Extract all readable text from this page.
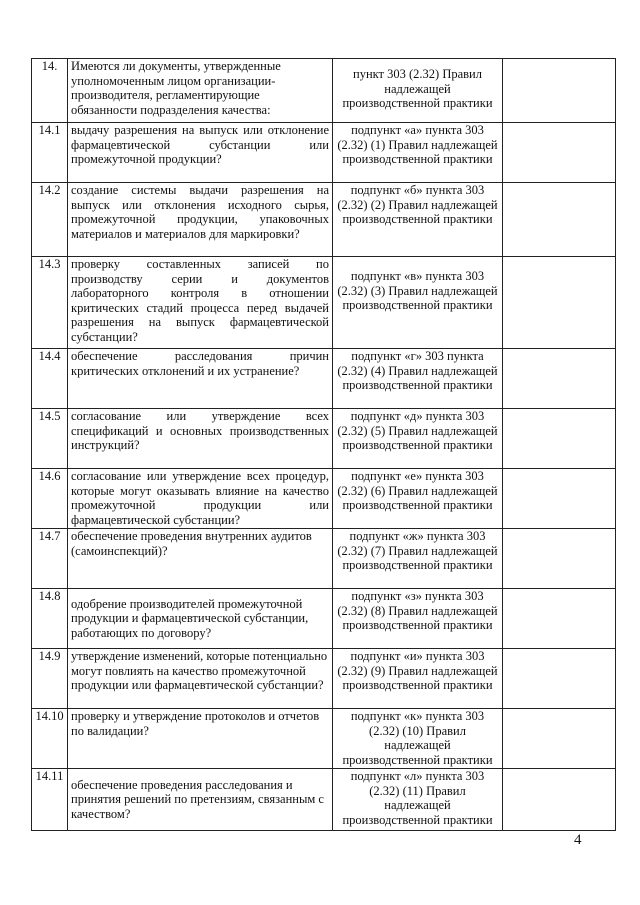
14.	Имеются ли документы, утвержденные уполномоченным лицом организации-производителя, регламентирующие обязанности подразделения качества:	пункт 303 (2.32) Правил надлежащей производственной практики	
14.1	выдачу разрешения на выпуск или отклонение фармацевтической субстанции или промежуточной продукции?	подпункт «а» пункта 303 (2.32) (1) Правил надлежащей производственной практики	
14.2	создание системы выдачи разрешения на выпуск или отклонения исходного сырья, промежуточной продукции, упаковочных материалов и материалов для маркировки?	подпункт «б» пункта 303 (2.32) (2) Правил надлежащей производственной практики	
14.3	проверку составленных записей по производству серии и документов лабораторного контроля в отношении критических стадий процесса перед выдачей разрешения на выпуск фармацевтической субстанции?	подпункт «в» пункта 303 (2.32) (3) Правил надлежащей производственной практики	
14.4	обеспечение расследования причин критических отклонений и их устранение?	подпункт «г» 303 пункта (2.32) (4) Правил надлежащей производственной практики	
14.5	согласование или утверждение всех спецификаций и основных производственных инструкций?	подпункт «д» пункта 303 (2.32) (5) Правил надлежащей производственной практики	
14.6	согласование или утверждение всех процедур, которые могут оказывать влияние на качество промежуточной продукции или фармацевтической субстанции?	подпункт «е» пункта 303 (2.32) (6) Правил надлежащей производственной практики	
14.7	обеспечение проведения внутренних аудитов (самоинспекций)?	подпункт «ж» пункта 303 (2.32) (7) Правил надлежащей производственной практики	
14.8	одобрение производителей промежуточной продукции и фармацевтической субстанции, работающих по договору?	подпункт «з» пункта 303 (2.32) (8) Правил надлежащей производственной практики	
14.9	утверждение изменений, которые потенциально могут повлиять на качество промежуточной продукции или фармацевтической субстанции?	подпункт «и» пункта 303 (2.32) (9) Правил надлежащей производственной практики	
14.10	проверку и утверждение протоколов и отчетов по валидации?	подпункт «к» пункта 303 (2.32) (10) Правил надлежащей производственной практики	
14.11	обеспечение проведения расследования и принятия решений по претензиям, связанным с качеством?	подпункт «л» пункта 303 (2.32) (11) Правил надлежащей производственной практики	
4
